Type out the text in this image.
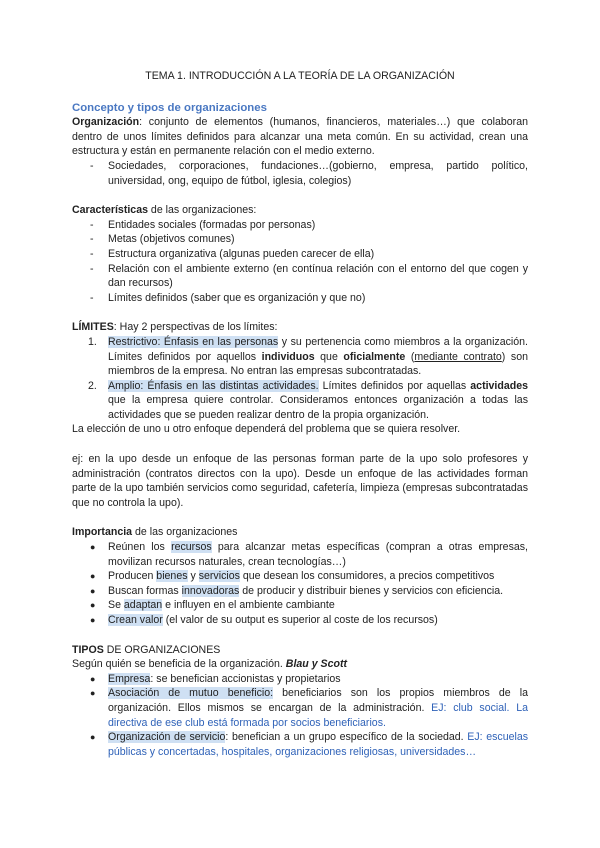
TEMA 1. INTRODUCCIÓN A LA TEORÍA DE LA ORGANIZACIÓN

Concepto y tipos de organizaciones

Organización: conjunto de elementos (humanos, financieros, materiales…) que colaboran dentro de unos límites definidos para alcanzar una meta común. En su actividad, crean una estructura y están en permanente relación con el medio externo.

- Sociedades, corporaciones, fundaciones…(gobierno, empresa, partido político, universidad, ong, equipo de fútbol, iglesia, colegios)

Características de las organizaciones:

- Entidades sociales (formadas por personas)
- Metas (objetivos comunes)
- Estructura organizativa (algunas pueden carecer de ella)
- Relación con el ambiente externo (en contínua relación con el entorno del que cogen y dan recursos)
- Límites definidos (saber que es organización y que no)

LÍMITES: Hay 2 perspectivas de los límites:

1. Restrictivo: Énfasis en las personas y su pertenencia como miembros a la organización. Límites definidos por aquellos individuos que oficialmente (mediante contrato) son miembros de la empresa. No entran las empresas subcontratadas.
2. Amplio: Énfasis en las distintas actividades. Límites definidos por aquellas actividades que la empresa quiere controlar. Consideramos entonces organización a todas las actividades que se pueden realizar dentro de la propia organización.

La elección de uno u otro enfoque dependerá del problema que se quiera resolver.

ej: en la upo desde un enfoque de las personas forman parte de la upo solo profesores y administración (contratos directos con la upo). Desde un enfoque de las actividades forman parte de la upo también servicios como seguridad, cafetería, limpieza (empresas subcontratadas que no controla la upo).

Importancia de las organizaciones

● Reúnen los recursos para alcanzar metas específicas (compran a otras empresas, movilizan recursos naturales, crean tecnologías…)
● Producen bienes y servicios que desean los consumidores, a precios competitivos
● Buscan formas innovadoras de producir y distribuir bienes y servicios con eficiencia.
● Se adaptan e influyen en el ambiente cambiante
● Crean valor (el valor de su output es superior al coste de los recursos)

TIPOS DE ORGANIZACIONES

Según quién se beneficia de la organización. Blau y Scott

● Empresa: se benefician accionistas y propietarios
● Asociación de mutuo beneficio: beneficiarios son los propios miembros de la organización. Ellos mismos se encargan de la administración. EJ: club social. La directiva de ese club está formada por socios beneficiarios.
● Organización de servicio: benefician a un grupo específico de la sociedad. EJ: escuelas públicas y concertadas, hospitales, organizaciones religiosas, universidades…
